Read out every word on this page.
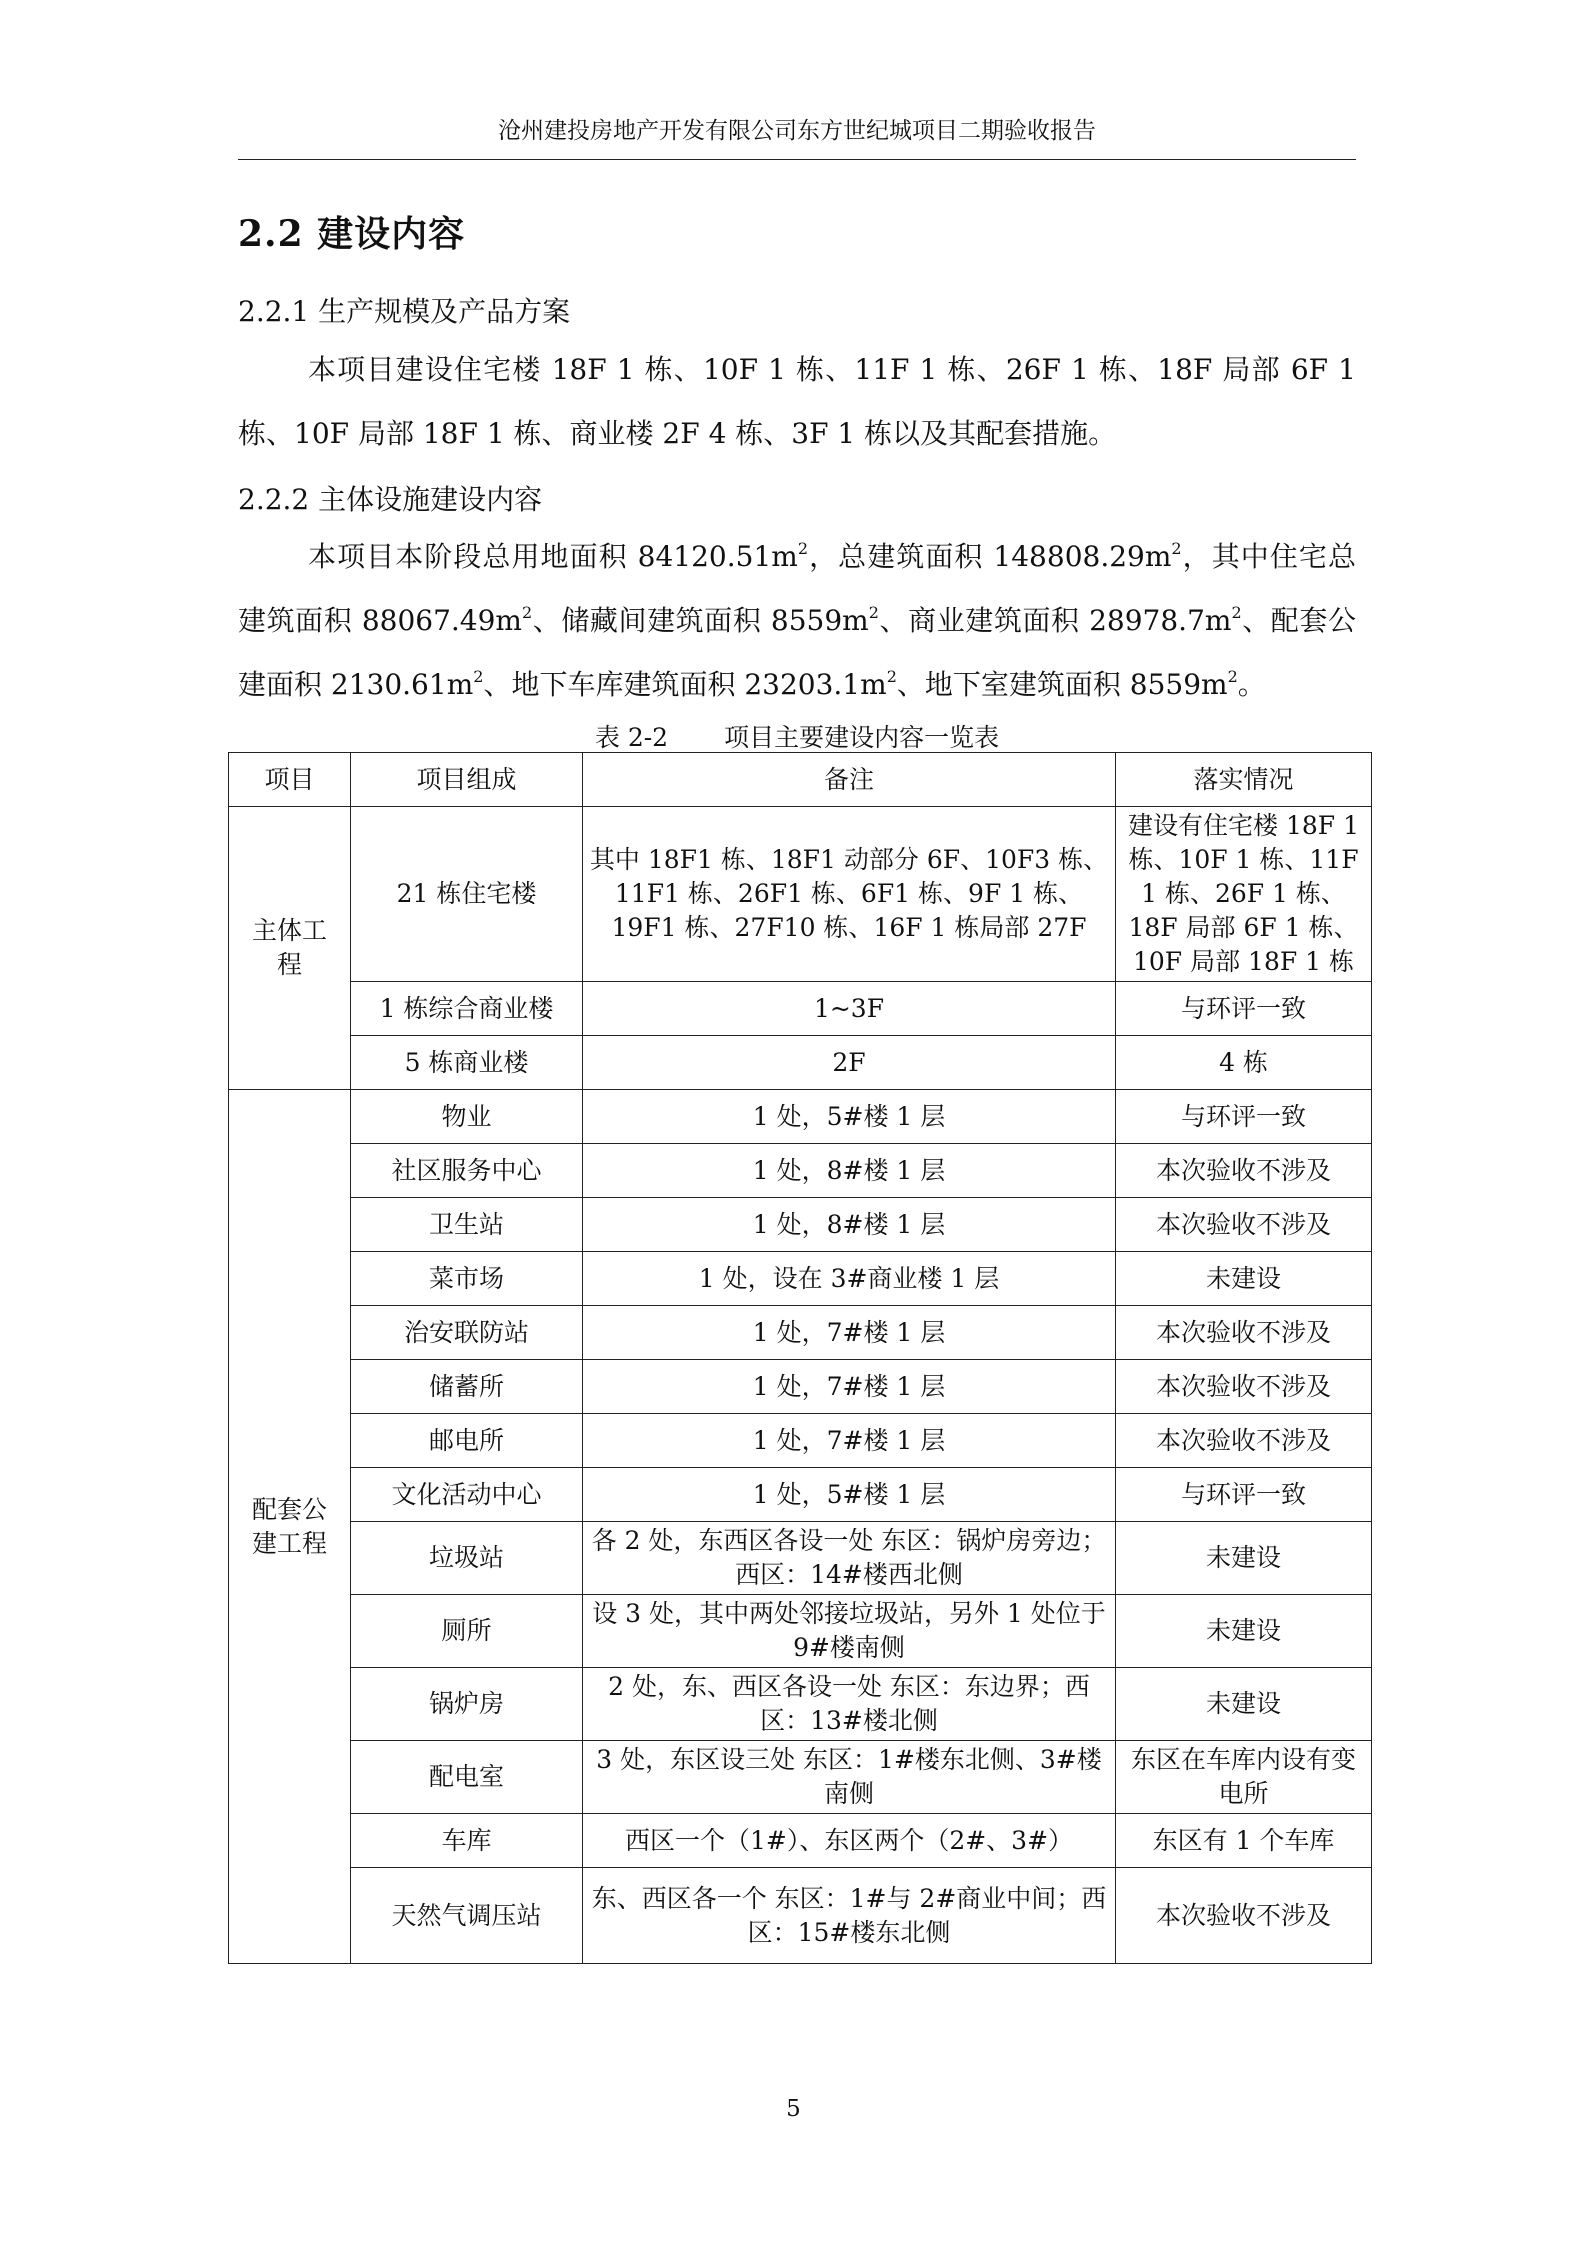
沧州建投房地产开发有限公司东方世纪城项目二期验收报告
2.2 建设内容
2.2.1 生产规模及产品方案

本项目建设住宅楼 18F 1 栋、10F 1 栋、11F 1 栋、26F 1 栋、18F 局部 6F 1 栋、10F 局部 18F 1 栋、商业楼 2F 4 栋、3F 1 栋以及其配套措施。

2.2.2 主体设施建设内容

本项目本阶段总用地面积 $84120.51m^2$，总建筑面积 $148808.29m^2$，其中住宅总建筑面积 $88067.49m^2$、储藏间建筑面积 $8559m^2$、商业建筑面积 $28978.7m^2$、配套公建面积 $2130.61m^2$、地下车库建筑面积 $23203.1m^2$、地下室建筑面积 $8559m^2$。

表 2-2 项目主要建设内容一览表
项目	项目组成	备注	落实情况
主体工程	21 栋住宅楼	其中 18F1 栋、18F1 动部分 6F、10F3 栋、11F1 栋、26F1 栋、6F1 栋、9F 1 栋、19F1 栋、27F10 栋、16F 1 栋局部 27F	建设有住宅楼 18F 1 栋、10F 1 栋、11F 1 栋、26F 1 栋、18F 局部 6F 1 栋、10F 局部 18F 1 栋
	1 栋综合商业楼	1~3F	与环评一致
	5 栋商业楼	2F	4 栋
配套公建工程	物业	1 处，5#楼 1 层	与环评一致
	社区服务中心	1 处，8#楼 1 层	本次验收不涉及
	卫生站	1 处，8#楼 1 层	本次验收不涉及
	菜市场	1 处，设在 3#商业楼 1 层	未建设
	治安联防站	1 处，7#楼 1 层	本次验收不涉及
	储蓄所	1 处，7#楼 1 层	本次验收不涉及
	邮电所	1 处，7#楼 1 层	本次验收不涉及
	文化活动中心	1 处，5#楼 1 层	与环评一致
	垃圾站	各 2 处，东西区各设一处 东区：锅炉房旁边；西区：14#楼西北侧	未建设
	厕所	设 3 处，其中两处邻接垃圾站，另外 1 处位于 9#楼南侧	未建设
	锅炉房	2 处，东、西区各设一处 东区：东边界；西区：13#楼北侧	未建设
	配电室	3 处，东区设三处 东区：1#楼东北侧、3#楼南侧	东区在车库内设有变电所
	车库	西区一个（1#）、东区两个（2#、3#）	东区有 1 个车库
	天然气调压站	东、西区各一个 东区：1#与 2#商业中间；西区：15#楼东北侧	本次验收不涉及
5
